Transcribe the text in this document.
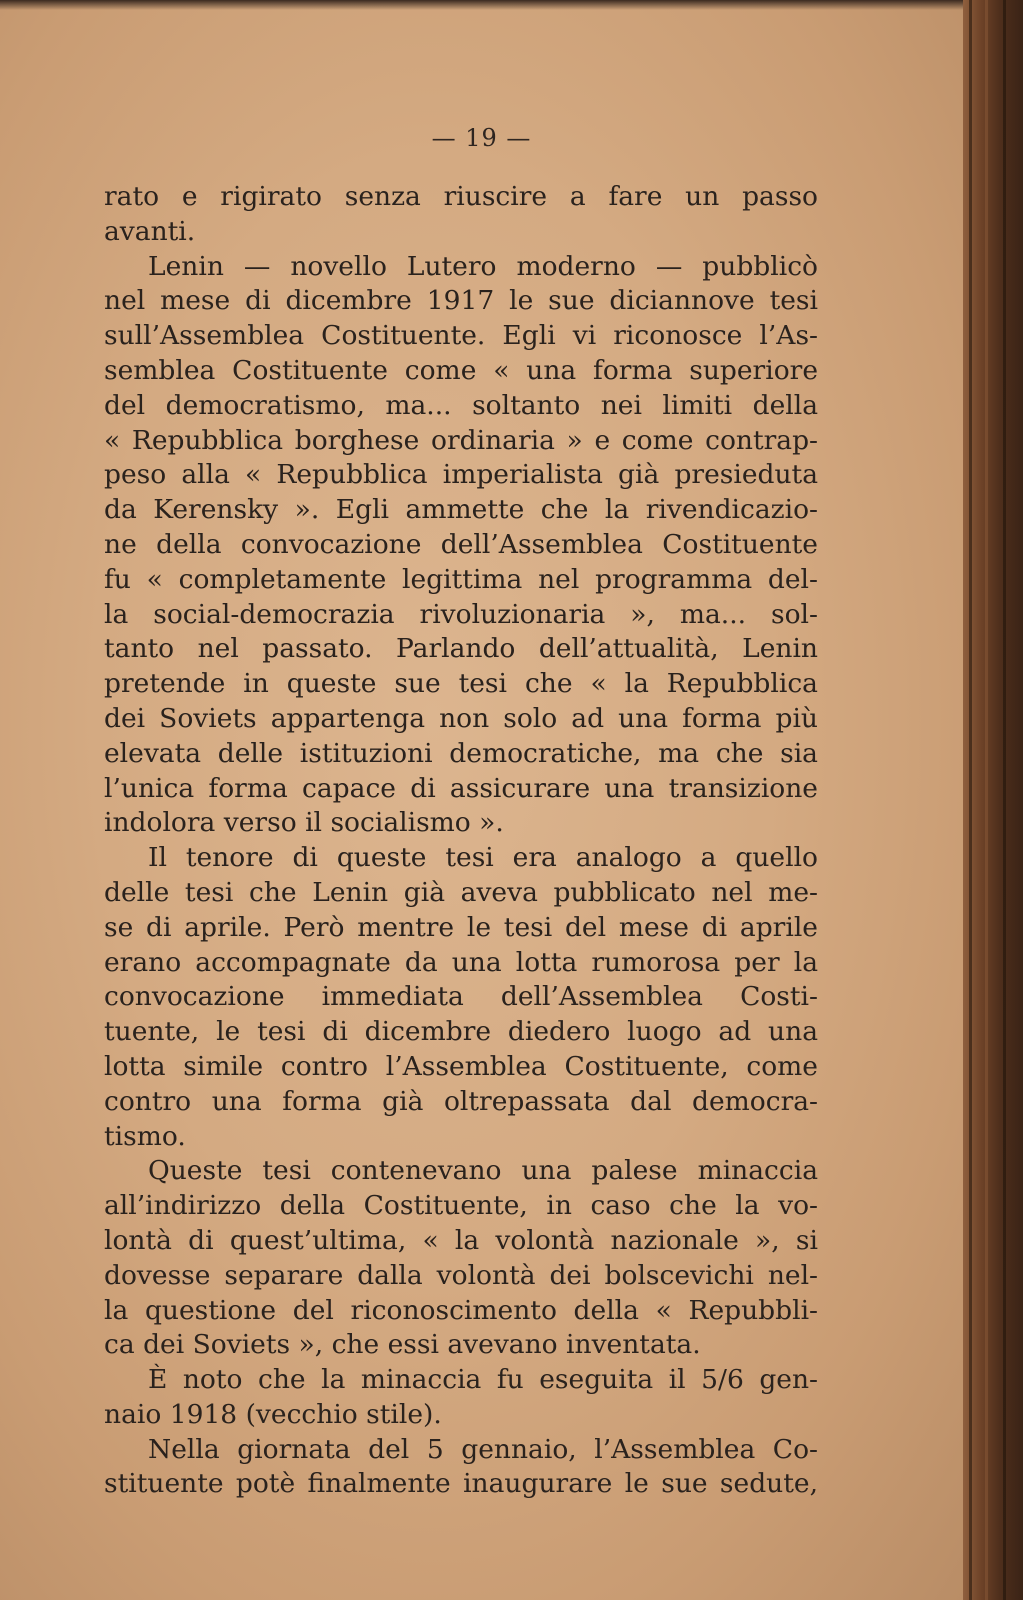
— 19 —
rato e rigirato senza riuscire a fare un passo
avanti.
Lenin — novello Lutero moderno — pubblicò
nel mese di dicembre 1917 le sue diciannove tesi
sull’Assemblea Costituente. Egli vi riconosce l’As-
semblea Costituente come « una forma superiore
del democratismo, ma... soltanto nei limiti della
« Repubblica borghese ordinaria » e come contrap-
peso alla « Repubblica imperialista già presieduta
da Kerensky ». Egli ammette che la rivendicazio-
ne della convocazione dell’Assemblea Costituente
fu « completamente legittima nel programma del-
la social-democrazia rivoluzionaria », ma... sol-
tanto nel passato. Parlando dell’attualità, Lenin
pretende in queste sue tesi che « la Repubblica
dei Soviets appartenga non solo ad una forma più
elevata delle istituzioni democratiche, ma che sia
l’unica forma capace di assicurare una transizione
indolora verso il socialismo ».
Il tenore di queste tesi era analogo a quello
delle tesi che Lenin già aveva pubblicato nel me-
se di aprile. Però mentre le tesi del mese di aprile
erano accompagnate da una lotta rumorosa per la
convocazione immediata dell’Assemblea Costi-
tuente, le tesi di dicembre diedero luogo ad una
lotta simile contro l’Assemblea Costituente, come
contro una forma già oltrepassata dal democra-
tismo.
Queste tesi contenevano una palese minaccia
all’indirizzo della Costituente, in caso che la vo-
lontà di quest’ultima, « la volontà nazionale », si
dovesse separare dalla volontà dei bolscevichi nel-
la questione del riconoscimento della « Repubbli-
ca dei Soviets », che essi avevano inventata.
È noto che la minaccia fu eseguita il 5/6 gen-
naio 1918 (vecchio stile).
Nella giornata del 5 gennaio, l’Assemblea Co-
stituente potè finalmente inaugurare le sue sedute,
